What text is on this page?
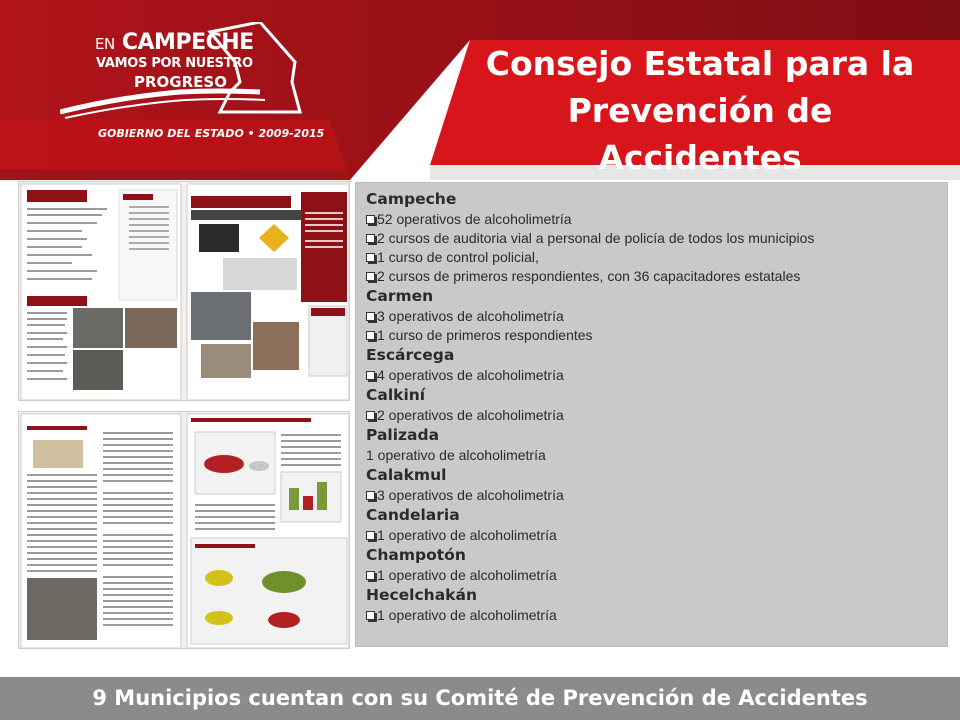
EN CAMPECHE
VAMOS POR NUESTRO
PROGRESO
GOBIERNO DEL ESTADO • 2009-2015
Consejo Estatal para la Prevención de Accidentes
Campeche
52 operativos de alcoholimetría
2 cursos de auditoria vial a personal de policía de todos los municipios
1 curso de control policial,
2 cursos de primeros respondientes, con 36 capacitadores estatales
Carmen
3 operativos de alcoholimetría
1 curso de primeros respondientes
Escárcega
4 operativos de alcoholimetría
Calkiní
2 operativos de alcoholimetría
Palizada
1 operativo de alcoholimetría
Calakmul
3 operativos de alcoholimetría
Candelaria
1 operativo de alcoholimetría
Champotón
1 operativo de alcoholimetría
Hecelchakán
1 operativo de alcoholimetría
9 Municipios cuentan con su Comité de Prevención de Accidentes
